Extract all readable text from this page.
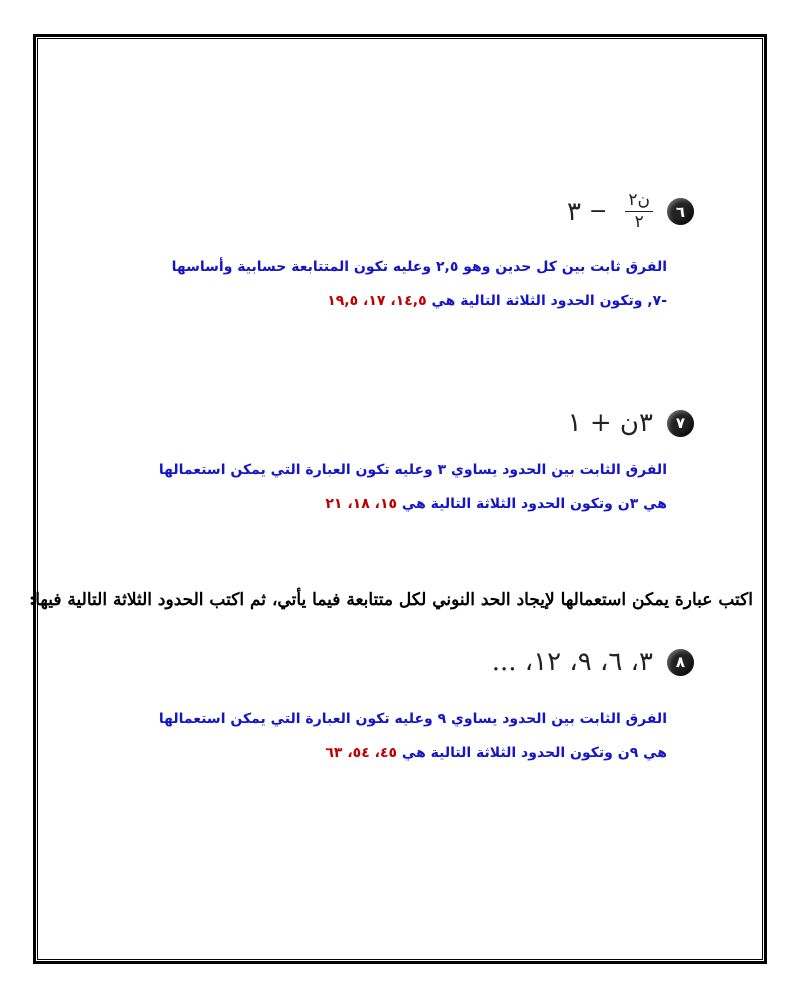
٦
$\frac{\text{ن٢}}{٢}$
−
٣
الفرق ثابت بين كل حدين وهو ٢,٥ وعليه تكون المتتابعة حسابية وأساسها
-٧, وتكون الحدود الثلاثة التالية هي ١٤,٥، ١٧، ١٩,٥
٧
٣ن + ١
الفرق الثابت بين الحدود يساوي ٣ وعليه تكون العبارة التي يمكن استعمالها
هي ٣ن وتكون الحدود الثلاثة التالية هي ١٥، ١٨، ٢١
اكتب عبارة يمكن استعمالها لإيجاد الحد النوني لكل متتابعة فيما يأتي، ثم اكتب الحدود الثلاثة التالية فيها:
٨
٣، ٦، ٩، ١٢، ...
الفرق الثابت بين الحدود يساوي ٩ وعليه تكون العبارة التي يمكن استعمالها
هي ٩ن وتكون الحدود الثلاثة التالية هي ٤٥، ٥٤، ٦٣
